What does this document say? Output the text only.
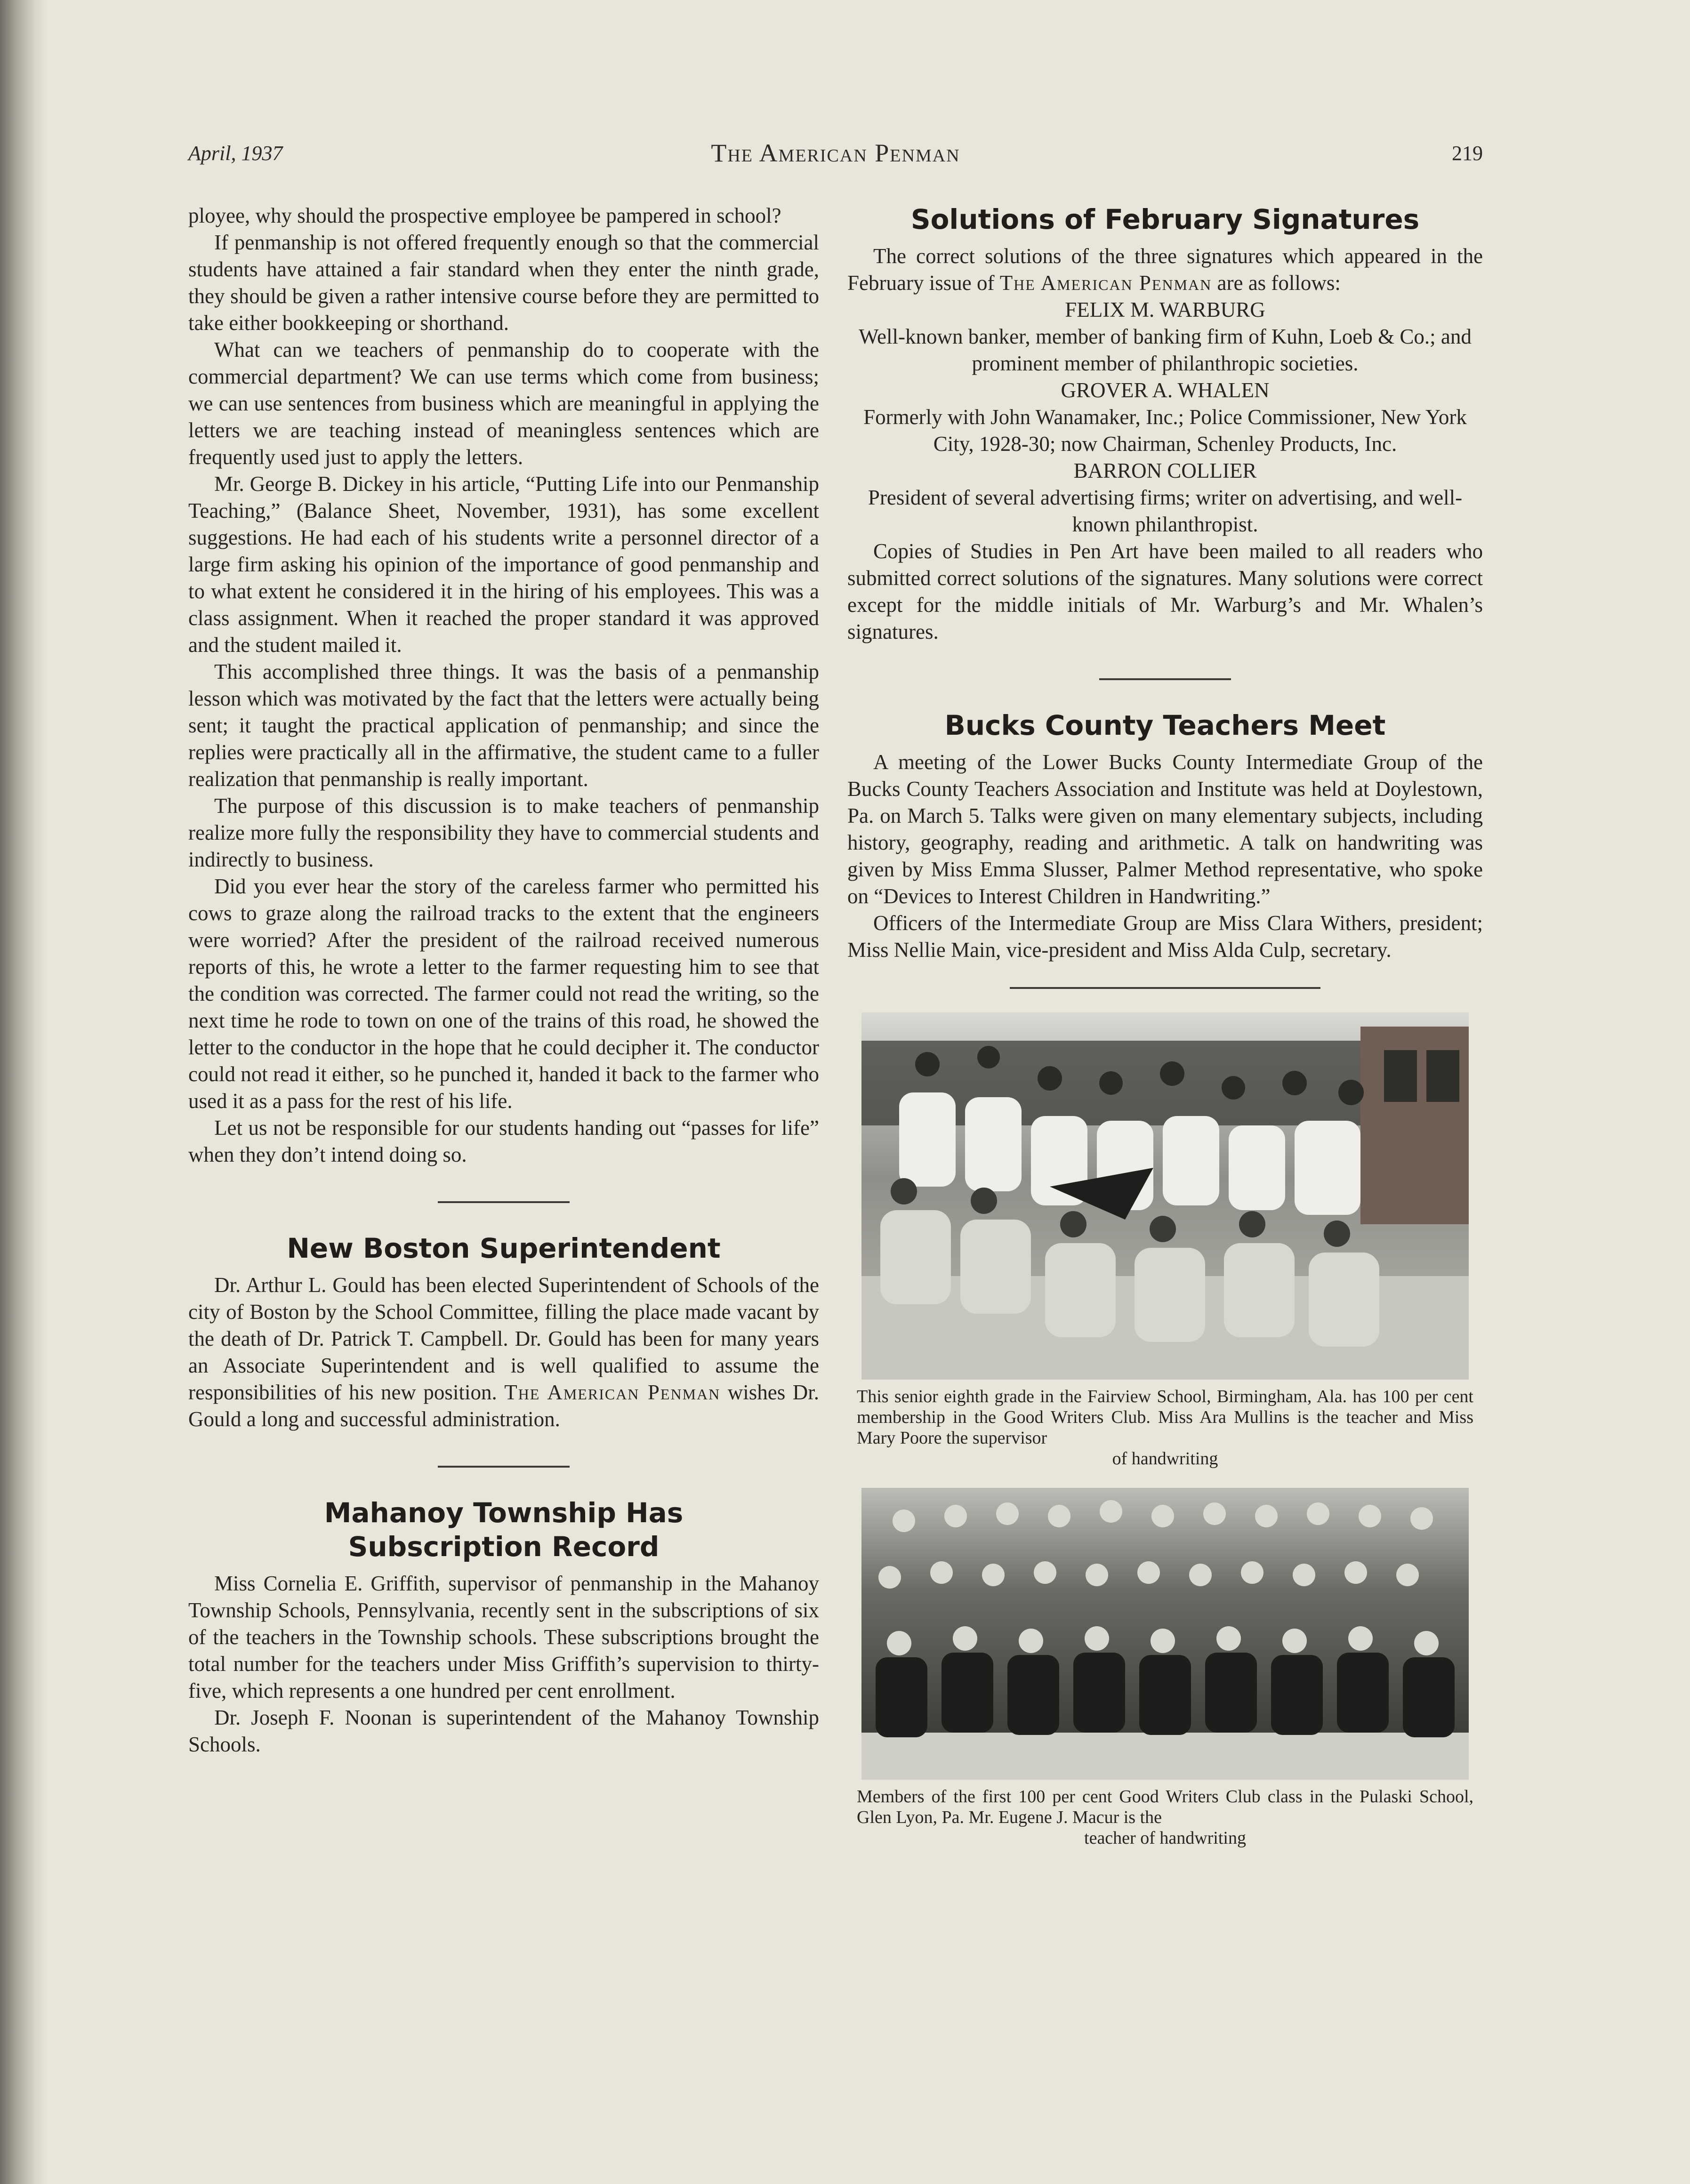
April, 1937	The American Penman	219

ployee, why should the prospective employee be pampered in school?

If penmanship is not offered frequently enough so that the commercial students have attained a fair standard when they enter the ninth grade, they should be given a rather intensive course before they are permitted to take either bookkeeping or shorthand.

What can we teachers of penmanship do to cooperate with the commercial department? We can use terms which come from business; we can use sentences from business which are meaningful in applying the letters we are teaching instead of meaningless sentences which are frequently used just to apply the letters.

Mr. George B. Dickey in his article, “Putting Life into our Penmanship Teaching,” (Balance Sheet, November, 1931), has some excellent suggestions. He had each of his students write a personnel director of a large firm asking his opinion of the importance of good penmanship and to what extent he considered it in the hiring of his employees. This was a class assignment. When it reached the proper standard it was approved and the student mailed it.

This accomplished three things. It was the basis of a penmanship lesson which was motivated by the fact that the letters were actually being sent; it taught the practical application of penmanship; and since the replies were practically all in the affirmative, the student came to a fuller realization that penmanship is really important.

The purpose of this discussion is to make teachers of penmanship realize more fully the responsibility they have to commercial students and indirectly to business.

Did you ever hear the story of the careless farmer who permitted his cows to graze along the railroad tracks to the extent that the engineers were worried? After the president of the railroad received numerous reports of this, he wrote a letter to the farmer requesting him to see that the condition was corrected. The farmer could not read the writing, so the next time he rode to town on one of the trains of this road, he showed the letter to the conductor in the hope that he could decipher it. The conductor could not read it either, so he punched it, handed it back to the farmer who used it as a pass for the rest of his life.

Let us not be responsible for our students handing out “passes for life” when they don’t intend doing so.

New Boston Superintendent

Dr. Arthur L. Gould has been elected Superintendent of Schools of the city of Boston by the School Committee, filling the place made vacant by the death of Dr. Patrick T. Campbell. Dr. Gould has been for many years an Associate Superintendent and is well qualified to assume the responsibilities of his new position. The American Penman wishes Dr. Gould a long and successful administration.

Mahanoy Township Has
Subscription Record

Miss Cornelia E. Griffith, supervisor of penmanship in the Mahanoy Township Schools, Pennsylvania, recently sent in the subscriptions of six of the teachers in the Township schools. These subscriptions brought the total number for the teachers under Miss Griffith’s supervision to thirty-five, which represents a one hundred per cent enrollment.

Dr. Joseph F. Noonan is superintendent of the Mahanoy Township Schools.

Solutions of February Signatures

The correct solutions of the three signatures which appeared in the February issue of The American Penman are as follows:

FELIX M. WARBURG

Well-known banker, member of banking firm of Kuhn, Loeb & Co.; and prominent member of philanthropic societies.

GROVER A. WHALEN

Formerly with John Wanamaker, Inc.; Police Commissioner, New York City, 1928-30; now Chairman, Schenley Products, Inc.

BARRON COLLIER

President of several advertising firms; writer on advertising, and well-known philanthropist.

Copies of Studies in Pen Art have been mailed to all readers who submitted correct solutions of the signatures. Many solutions were correct except for the middle initials of Mr. Warburg’s and Mr. Whalen’s signatures.

Bucks County Teachers Meet

A meeting of the Lower Bucks County Intermediate Group of the Bucks County Teachers Association and Institute was held at Doylestown, Pa. on March 5. Talks were given on many elementary subjects, including history, geography, reading and arithmetic. A talk on handwriting was given by Miss Emma Slusser, Palmer Method representative, who spoke on “Devices to Interest Children in Handwriting.”

Officers of the Intermediate Group are Miss Clara Withers, president; Miss Nellie Main, vice-president and Miss Alda Culp, secretary.

This senior eighth grade in the Fairview School, Birmingham, Ala. has 100 per cent membership in the Good Writers Club. Miss Ara Mullins is the teacher and Miss Mary Poore the supervisor
of handwriting
Members of the first 100 per cent Good Writers Club class in the Pulaski School, Glen Lyon, Pa. Mr. Eugene J. Macur is the
teacher of handwriting
